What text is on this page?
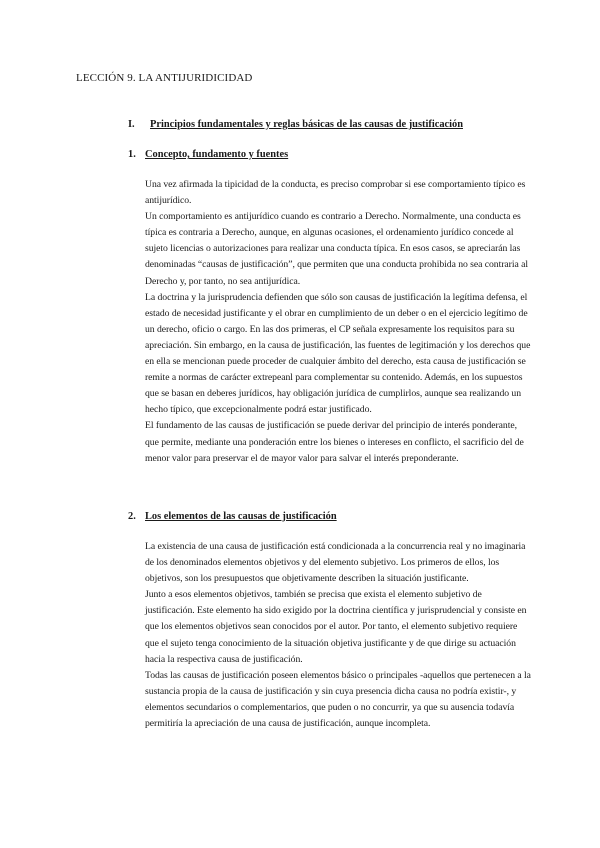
LECCIÓN 9. LA ANTIJURIDICIDAD
I.	Principios fundamentales y reglas básicas de las causas de justificación
1. Concepto, fundamento y fuentes

Una vez afirmada la tipicidad de la conducta, es preciso comprobar si ese comportamiento típico es antijurídico.

Un comportamiento es antijurídico cuando es contrario a Derecho. Normalmente, una conducta es típica es contraria a Derecho, aunque, en algunas ocasiones, el ordenamiento jurídico concede al sujeto licencias o autorizaciones para realizar una conducta típica. En esos casos, se apreciarán las denominadas “causas de justificación”, que permiten que una conducta prohibida no sea contraria al Derecho y, por tanto, no sea antijurídica.

La doctrina y la jurisprudencia defienden que sólo son causas de justificación la legítima defensa, el estado de necesidad justificante y el obrar en cumplimiento de un deber o en el ejercicio legítimo de un derecho, oficio o cargo. En las dos primeras, el CP señala expresamente los requisitos para su apreciación. Sin embargo, en la causa de justificación, las fuentes de legitimación y los derechos que en ella se mencionan puede proceder de cualquier ámbito del derecho, esta causa de justificación se remite a normas de carácter extrepeanl para complementar su contenido. Además, en los supuestos que se basan en deberes jurídicos, hay obligación jurídica de cumplirlos, aunque sea realizando un hecho típico, que excepcionalmente podrá estar justificado.

El fundamento de las causas de justificación se puede derivar del principio de interés ponderante, que permite, mediante una ponderación entre los bienes o intereses en conflicto, el sacrificio del de menor valor para preservar el de mayor valor para salvar el interés preponderante.

2. Los elementos de las causas de justificación

La existencia de una causa de justificación está condicionada a la concurrencia real y no imaginaria de los denominados elementos objetivos y del elemento subjetivo. Los primeros de ellos, los objetivos, son los presupuestos que objetivamente describen la situación justificante.

Junto a esos elementos objetivos, también se precisa que exista el elemento subjetivo de justificación. Este elemento ha sido exigido por la doctrina científica y jurisprudencial y consiste en que los elementos objetivos sean conocidos por el autor. Por tanto, el elemento subjetivo requiere que el sujeto tenga conocimiento de la situación objetiva justificante y de que dirige su actuación hacia la respectiva causa de justificación.

Todas las causas de justificación poseen elementos básico o principales -aquellos que pertenecen a la sustancia propia de la causa de justificación y sin cuya presencia dicha causa no podría existir-, y elementos secundarios o complementarios, que puden o no concurrir, ya que su ausencia todavía permitiría la apreciación de una causa de justificación, aunque incompleta.
